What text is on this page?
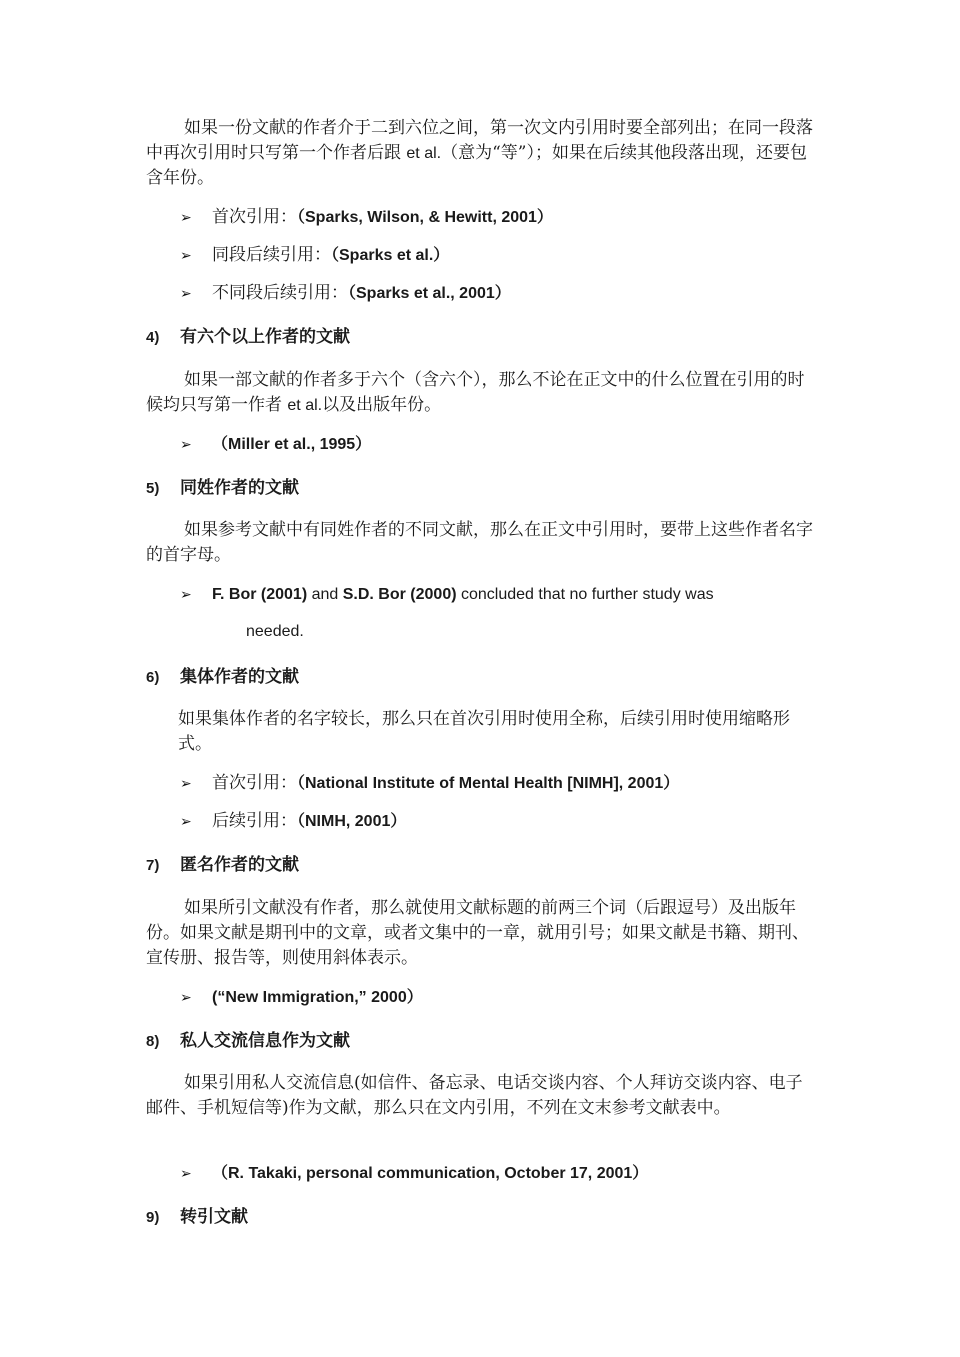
如果一份文献的作者介于二到六位之间，第一次文内引用时要全部列出；在同一段落中再次引用时只写第一个作者后跟 et al.（意为“等”）；如果在后续其他段落出现，还要包含年份。

➢ 首次引用：（Sparks, Wilson, & Hewitt, 2001）

➢ 同段后续引用：（Sparks et al.）

➢ 不同段后续引用：（Sparks et al., 2001）

4) 有六个以上作者的文献

如果一部文献的作者多于六个（含六个），那么不论在正文中的什么位置在引用的时候均只写第一作者 et al.以及出版年份。

➢ （Miller et al., 1995）

5) 同姓作者的文献

如果参考文献中有同姓作者的不同文献，那么在正文中引用时，要带上这些作者名字的首字母。

➢ F. Bor (2001) and S.D. Bor (2000) concluded that no further study was

needed.

6) 集体作者的文献

如果集体作者的名字较长，那么只在首次引用时使用全称，后续引用时使用缩略形式。

➢ 首次引用：（National Institute of Mental Health [NIMH], 2001）

➢ 后续引用：（NIMH, 2001）

7) 匿名作者的文献

如果所引文献没有作者，那么就使用文献标题的前两三个词（后跟逗号）及出版年份。如果文献是期刊中的文章，或者文集中的一章，就用引号；如果文献是书籍、期刊、宣传册、报告等，则使用斜体表示。

➢ (“New Immigration,” 2000）

8) 私人交流信息作为文献

如果引用私人交流信息(如信件、备忘录、电话交谈内容、个人拜访交谈内容、电子邮件、手机短信等)作为文献，那么只在文内引用，不列在文末参考文献表中。

➢ （R. Takaki, personal communication, October 17, 2001）

9) 转引文献
